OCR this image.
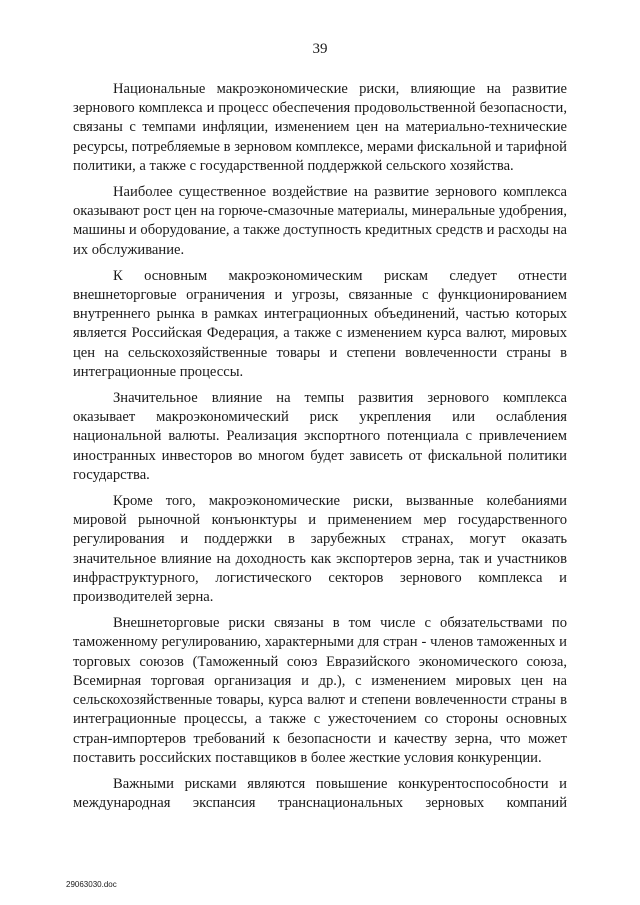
39

Национальные макроэкономические риски, влияющие на развитие зернового комплекса и процесс обеспечения продовольственной безопасности, связаны с темпами инфляции, изменением цен на материально-технические ресурсы, потребляемые в зерновом комплексе, мерами фискальной и тарифной политики, а также с государственной поддержкой сельского хозяйства.

Наиболее существенное воздействие на развитие зернового комплекса оказывают рост цен на горюче-смазочные материалы, минеральные удобрения, машины и оборудование, а также доступность кредитных средств и расходы на их обслуживание.

К основным макроэкономическим рискам следует отнести внешнеторговые ограничения и угрозы, связанные с функционированием внутреннего рынка в рамках интеграционных объединений, частью которых является Российская Федерация, а также с изменением курса валют, мировых цен на сельскохозяйственные товары и степени вовлеченности страны в интеграционные процессы.

Значительное влияние на темпы развития зернового комплекса оказывает макроэкономический риск укрепления или ослабления национальной валюты. Реализация экспортного потенциала с привлечением иностранных инвесторов во многом будет зависеть от фискальной политики государства.

Кроме того, макроэкономические риски, вызванные колебаниями мировой рыночной конъюнктуры и применением мер государственного регулирования и поддержки в зарубежных странах, могут оказать значительное влияние на доходность как экспортеров зерна, так и участников инфраструктурного, логистического секторов зернового комплекса и производителей зерна.

Внешнеторговые риски связаны в том числе с обязательствами по таможенному регулированию, характерными для стран - членов таможенных и торговых союзов (Таможенный союз Евразийского экономического союза, Всемирная торговая организация и др.), с изменением мировых цен на сельскохозяйственные товары, курса валют и степени вовлеченности страны в интеграционные процессы, а также с ужесточением со стороны основных стран-импортеров требований к безопасности и качеству зерна, что может поставить российских поставщиков в более жесткие условия конкуренции.

Важными рисками являются повышение конкурентоспособности и международная экспансия транснациональных зерновых компаний

29063030.doc
